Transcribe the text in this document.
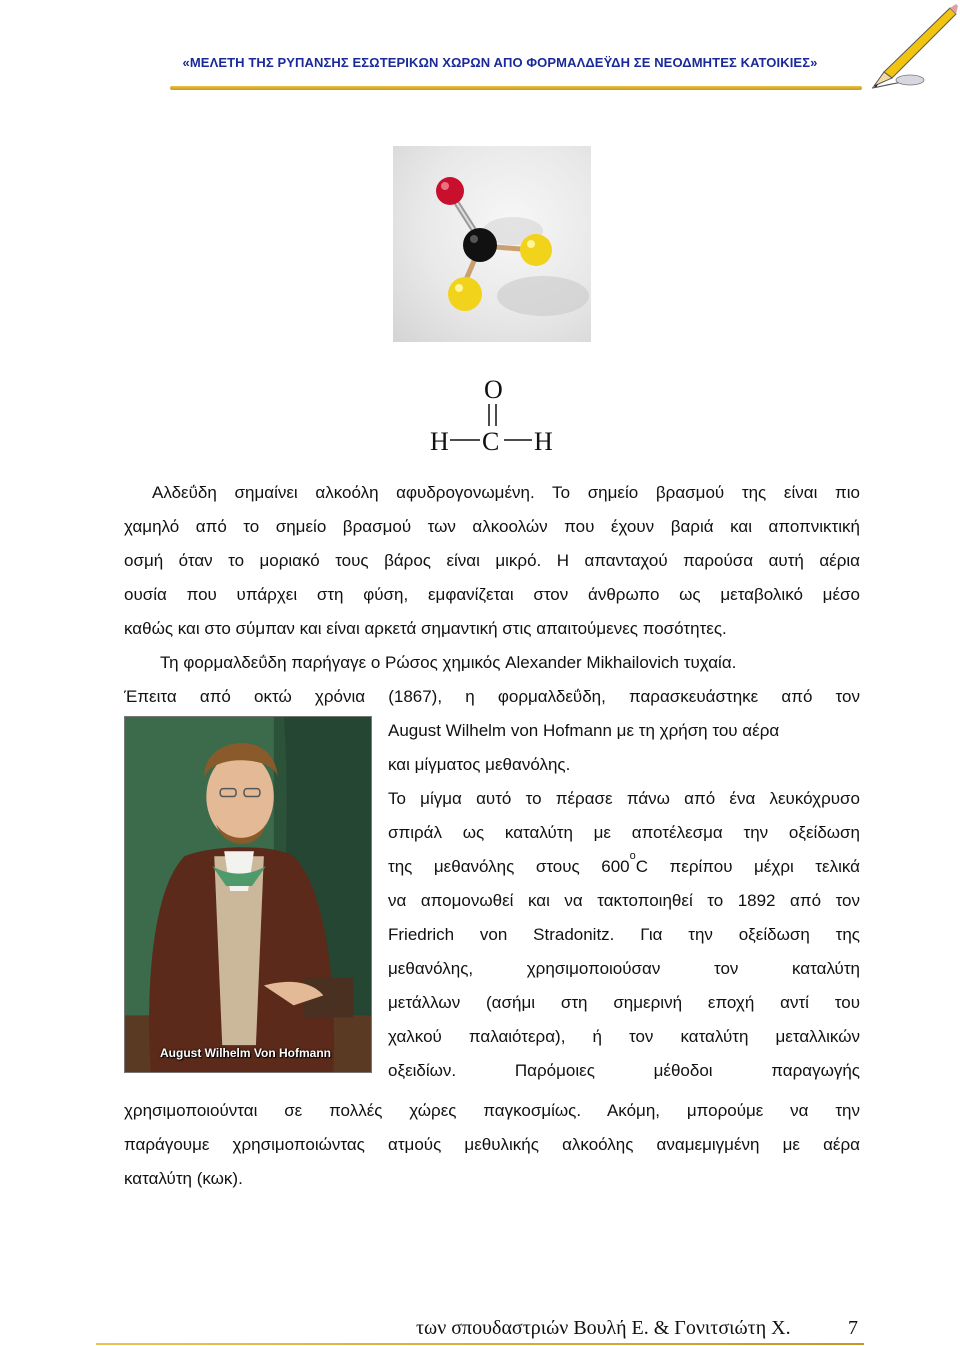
«ΜΕΛΕΤΗ ΤΗΣ ΡΥΠΑΝΣΗΣ ΕΣΩΤΕΡΙΚΩΝ ΧΩΡΩΝ ΑΠΟ ΦΟΡΜΑΛΔΕΫΔΗ ΣΕ ΝΕΟΔΜΗΤΕΣ ΚΑΤΟΙΚΙΕΣ»
O
H C H
Αλδεΰδη σημαίνει αλκοόλη αφυδρογονωμένη. Το σημείο βρασμού της είναι πιο
χαμηλό από το σημείο βρασμού των αλκοολών που έχουν βαριά και αποπνικτική
οσμή όταν το μοριακό τους βάρος είναι μικρό. Η απανταχού παρούσα αυτή αέρια
ουσία που υπάρχει στη φύση, εμφανίζεται στον άνθρωπο ως μεταβολικό μέσο
καθώς και στο σύμπαν και είναι αρκετά σημαντική στις απαιτούμενες ποσότητες.
Τη φορμαλδεΰδη παρήγαγε ο Ρώσος χημικός Alexander Mikhailovich τυχαία.
Έπειτα από οκτώ χρόνια (1867), η φορμαλδεΰδη, παρασκευάστηκε από τον
August Wilhelm Von Hofmann
August Wilhelm von Hofmann με τη χρήση του αέρα
και μίγματος μεθανόλης.
Το μίγμα αυτό το πέρασε πάνω από ένα λευκόχρυσο
σπιράλ ως καταλύτη με αποτέλεσμα την οξείδωση
της μεθανόλης στους 600$^o$C περίπου μέχρι τελικά
να απομονωθεί και να τακτοποιηθεί το 1892 από τον
Friedrich von Stradonitz. Για την οξείδωση της
μεθανόλης, χρησιμοποιούσαν τον καταλύτη
μετάλλων (ασήμι στη σημερινή εποχή αντί του
χαλκού παλαιότερα), ή τον καταλύτη μεταλλικών
οξειδίων. Παρόμοιες μέθοδοι παραγωγής
χρησιμοποιούνται σε πολλές χώρες παγκοσμίως. Ακόμη, μπορούμε να την
παράγουμε χρησιμοποιώντας ατμούς μεθυλικής αλκοόλης αναμεμιγμένη με αέρα
καταλύτη (κωκ).
των σπουδαστριών Βουλή Ε. & Γονιτσιώτη Χ.	7
